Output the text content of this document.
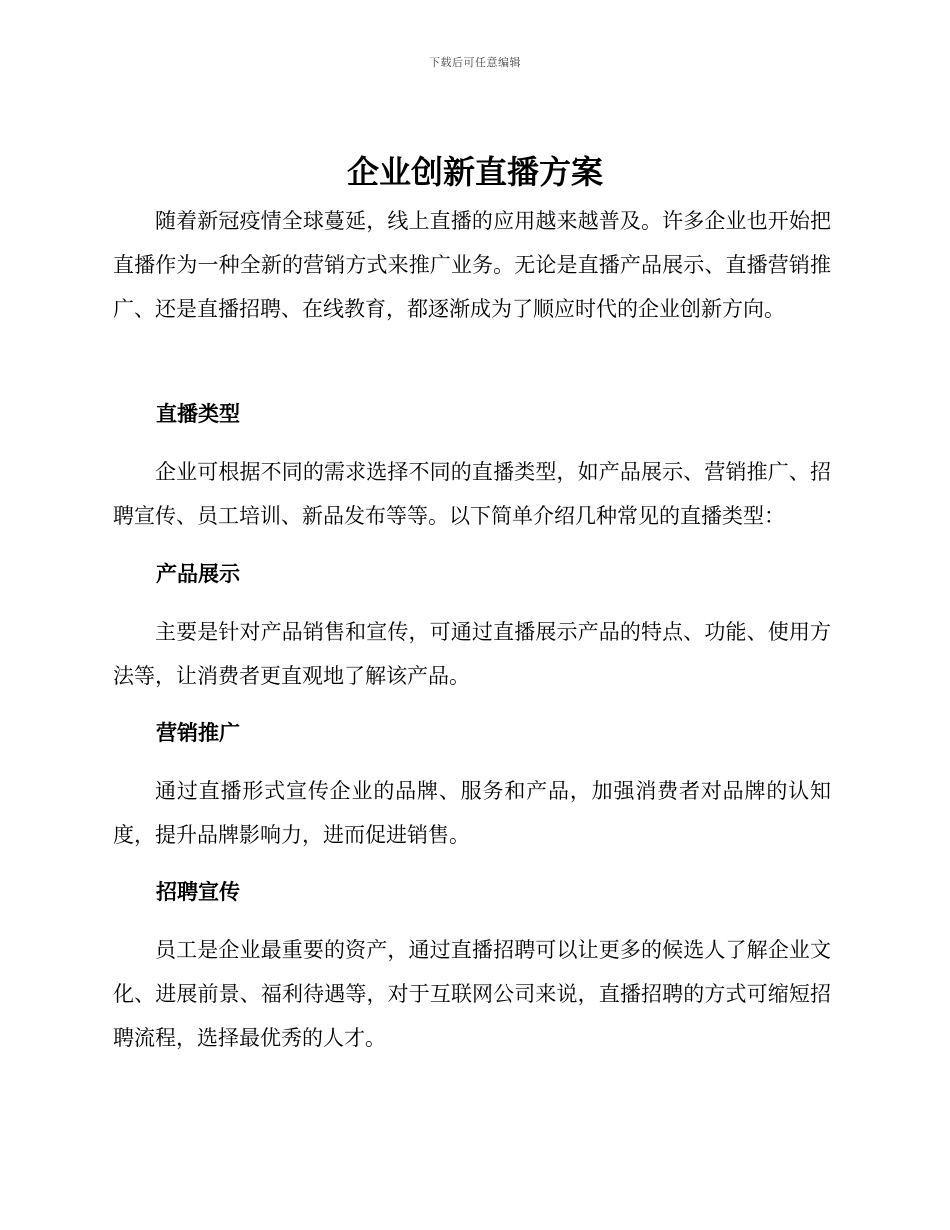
下载后可任意编辑
企业创新直播方案

随着新冠疫情全球蔓延，线上直播的应用越来越普及。许多企业也开始把直播作为一种全新的营销方式来推广业务。无论是直播产品展示、直播营销推广、还是直播招聘、在线教育，都逐渐成为了顺应时代的企业创新方向。

直播类型

企业可根据不同的需求选择不同的直播类型，如产品展示、营销推广、招聘宣传、员工培训、新品发布等等。以下简单介绍几种常见的直播类型：

产品展示

主要是针对产品销售和宣传，可通过直播展示产品的特点、功能、使用方法等，让消费者更直观地了解该产品。

营销推广

通过直播形式宣传企业的品牌、服务和产品，加强消费者对品牌的认知度，提升品牌影响力，进而促进销售。

招聘宣传

员工是企业最重要的资产，通过直播招聘可以让更多的候选人了解企业文化、进展前景、福利待遇等，对于互联网公司来说，直播招聘的方式可缩短招聘流程，选择最优秀的人才。
